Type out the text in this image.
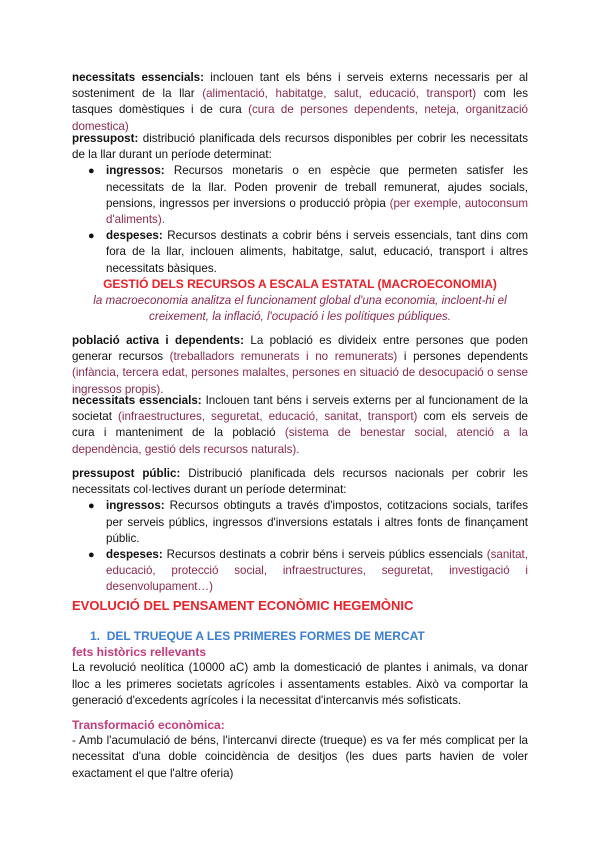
necessitats essencials: inclouen tant els béns i serveis externs necessaris per al sosteniment de la llar (alimentació, habitatge, salut, educació, transport) com les tasques domèstiques i de cura (cura de persones dependents, neteja, organització domestica)

pressupost: distribució planificada dels recursos disponibles per cobrir les necessitats de la llar durant un període determinat:

● ingressos: Recursos monetaris o en espècie que permeten satisfer les necessitats de la llar. Poden provenir de treball remunerat, ajudes socials, pensions, ingressos per inversions o producció pròpia (per exemple, autoconsum d'aliments).
● despeses: Recursos destinats a cobrir béns i serveis essencials, tant dins com fora de la llar, inclouen aliments, habitatge, salut, educació, transport i altres necessitats bàsiques.

GESTIÓ DELS RECURSOS A ESCALA ESTATAL (MACROECONOMIA)

la macroeconomia analitza el funcionament global d'una economia, incloent-hi el creixement, la inflació, l'ocupació i les polítiques públiques.

població activa i dependents: La població es divideix entre persones que poden generar recursos (treballadors remunerats i no remunerats) i persones dependents (infància, tercera edat, persones malaltes, persones en situació de desocupació o sense ingressos propis).

necessitats essencials: Inclouen tant béns i serveis externs per al funcionament de la societat (infraestructures, seguretat, educació, sanitat, transport) com els serveis de cura i manteniment de la població (sistema de benestar social, atenció a la dependència, gestió dels recursos naturals).

pressupost públic: Distribució planificada dels recursos nacionals per cobrir les necessitats col·lectives durant un període determinat:

● ingressos: Recursos obtinguts a través d'impostos, cotitzacions socials, tarifes per serveis públics, ingressos d'inversions estatals i altres fonts de finançament públic.
● despeses: Recursos destinats a cobrir béns i serveis públics essencials (sanitat, educació, protecció social, infraestructures, seguretat, investigació i desenvolupament…)

EVOLUCIÓ DEL PENSAMENT ECONÒMIC HEGEMÒNIC

1. DEL TRUEQUE A LES PRIMERES FORMES DE MERCAT

fets històrics rellevants

La revolució neolítica (10000 aC) amb la domesticació de plantes i animals, va donar lloc a les primeres societats agrícoles i assentaments estables. Això va comportar la generació d'excedents agrícoles i la necessitat d'intercanvis més sofisticats.

Transformació econòmica:

- Amb l'acumulació de béns, l'intercanvi directe (trueque) es va fer més complicat per la necessitat d'una doble coincidència de desitjos (les dues parts havien de voler exactament el que l'altre oferia)
